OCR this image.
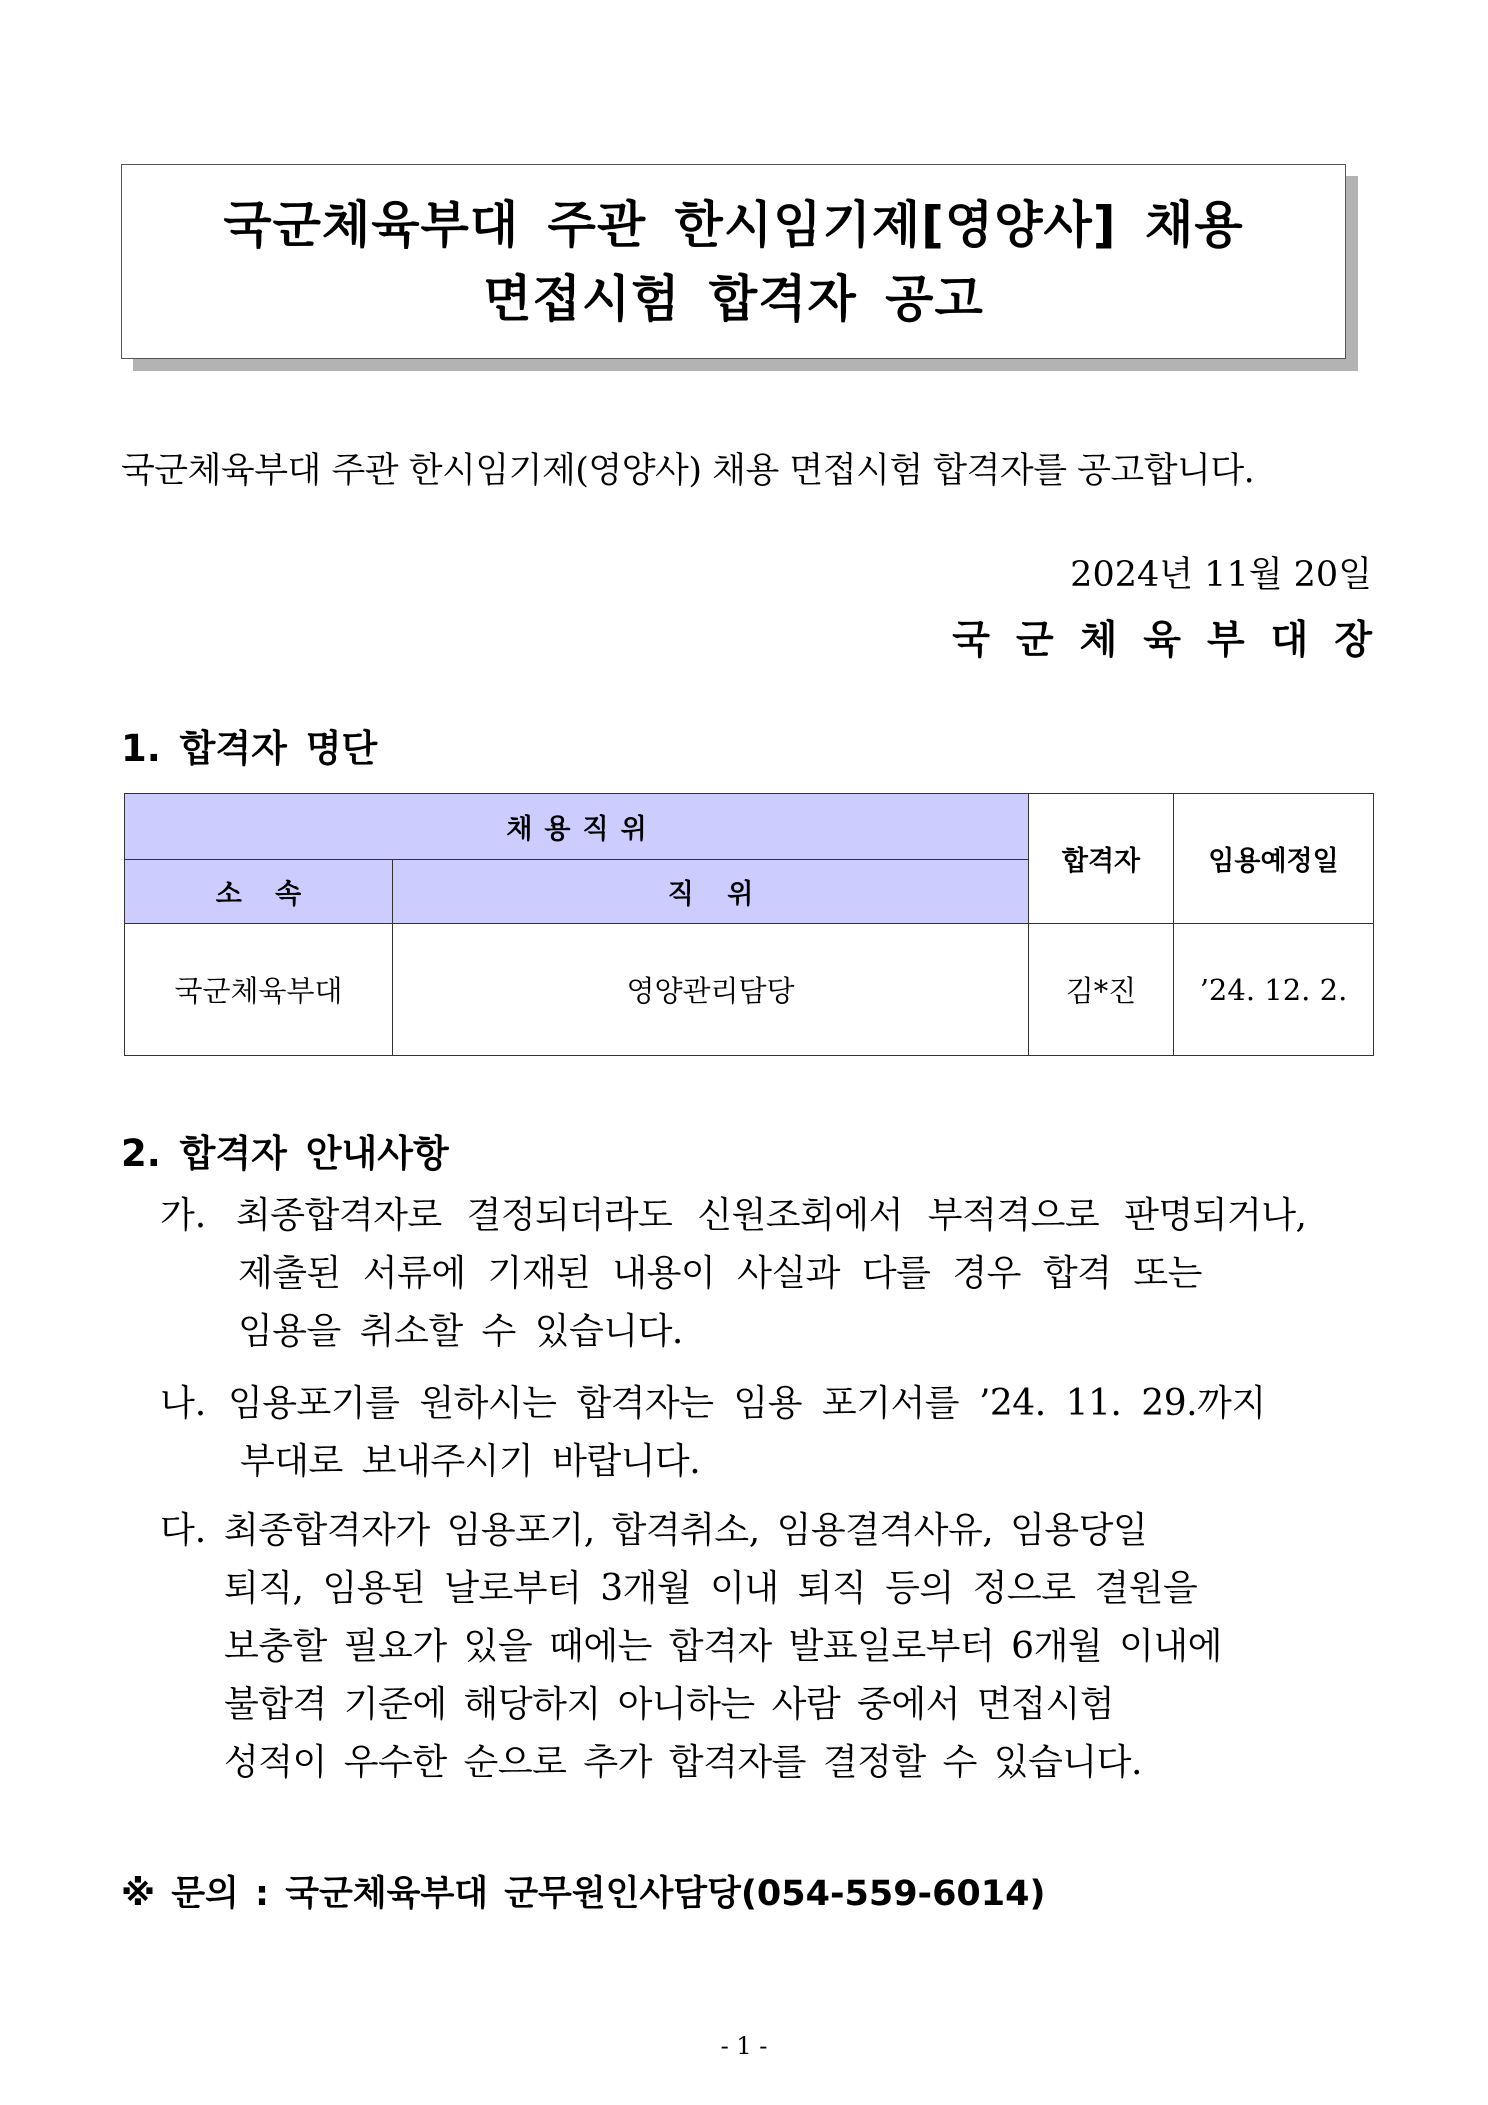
국군체육부대 주관 한시임기제[영양사] 채용
면접시험 합격자 공고
국군체육부대 주관 한시임기제(영양사) 채용 면접시험 합격자를 공고합니다.
2024년 11월 20일
국군체육부대장
1. 합격자 명단
채용직위		합격자	임용예정일
소 속	직 위		
국군체육부대	영양관리담당	김*진	’24. 12. 2.
2. 합격자 안내사항
가. 최종합격자로 결정되더라도 신원조회에서 부적격으로 판명되거나,
제출된 서류에 기재된 내용이 사실과 다를 경우 합격 또는
임용을 취소할 수 있습니다.
나. 임용포기를 원하시는 합격자는 임용 포기서를 ’24. 11. 29.까지
부대로 보내주시기 바랍니다.
다. 최종합격자가 임용포기, 합격취소, 임용결격사유, 임용당일
퇴직, 임용된 날로부터 3개월 이내 퇴직 등의 정으로 결원을
보충할 필요가 있을 때에는 합격자 발표일로부터 6개월 이내에
불합격 기준에 해당하지 아니하는 사람 중에서 면접시험
성적이 우수한 순으로 추가 합격자를 결정할 수 있습니다.
※ 문의 : 국군체육부대 군무원인사담당(054-559-6014)
- 1 -
